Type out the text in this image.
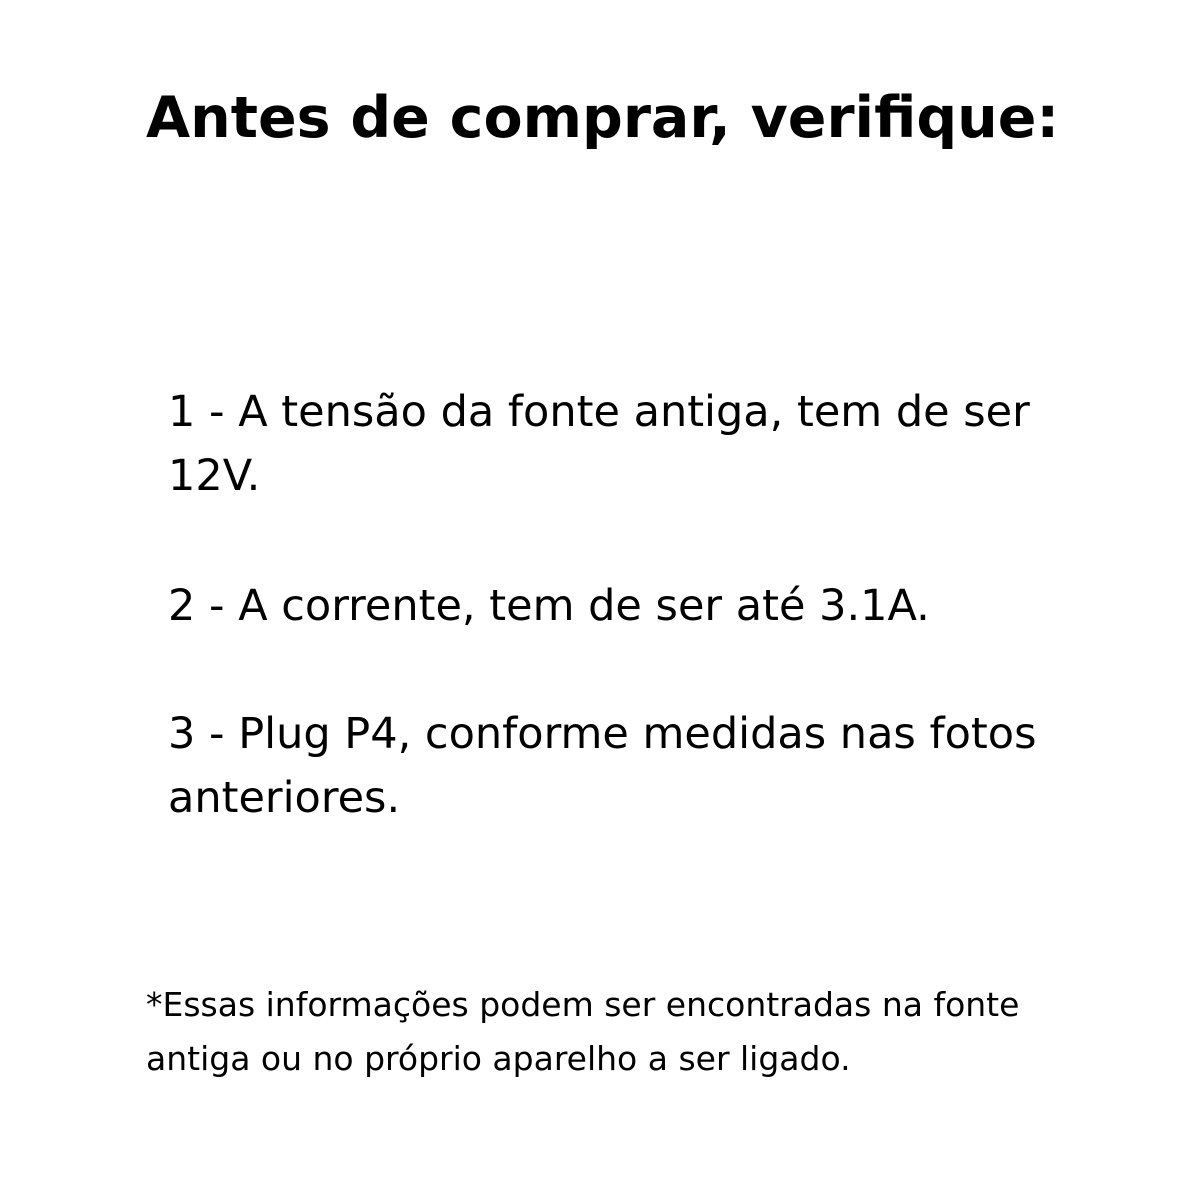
Antes de comprar, verifique:
1 - A tensão da fonte antiga, tem de ser 12V.
2 - A corrente, tem de ser até 3.1A.
3 - Plug P4, conforme medidas nas fotos anteriores.

*Essas informações podem ser encontradas na fonte antiga ou no próprio aparelho a ser ligado.
